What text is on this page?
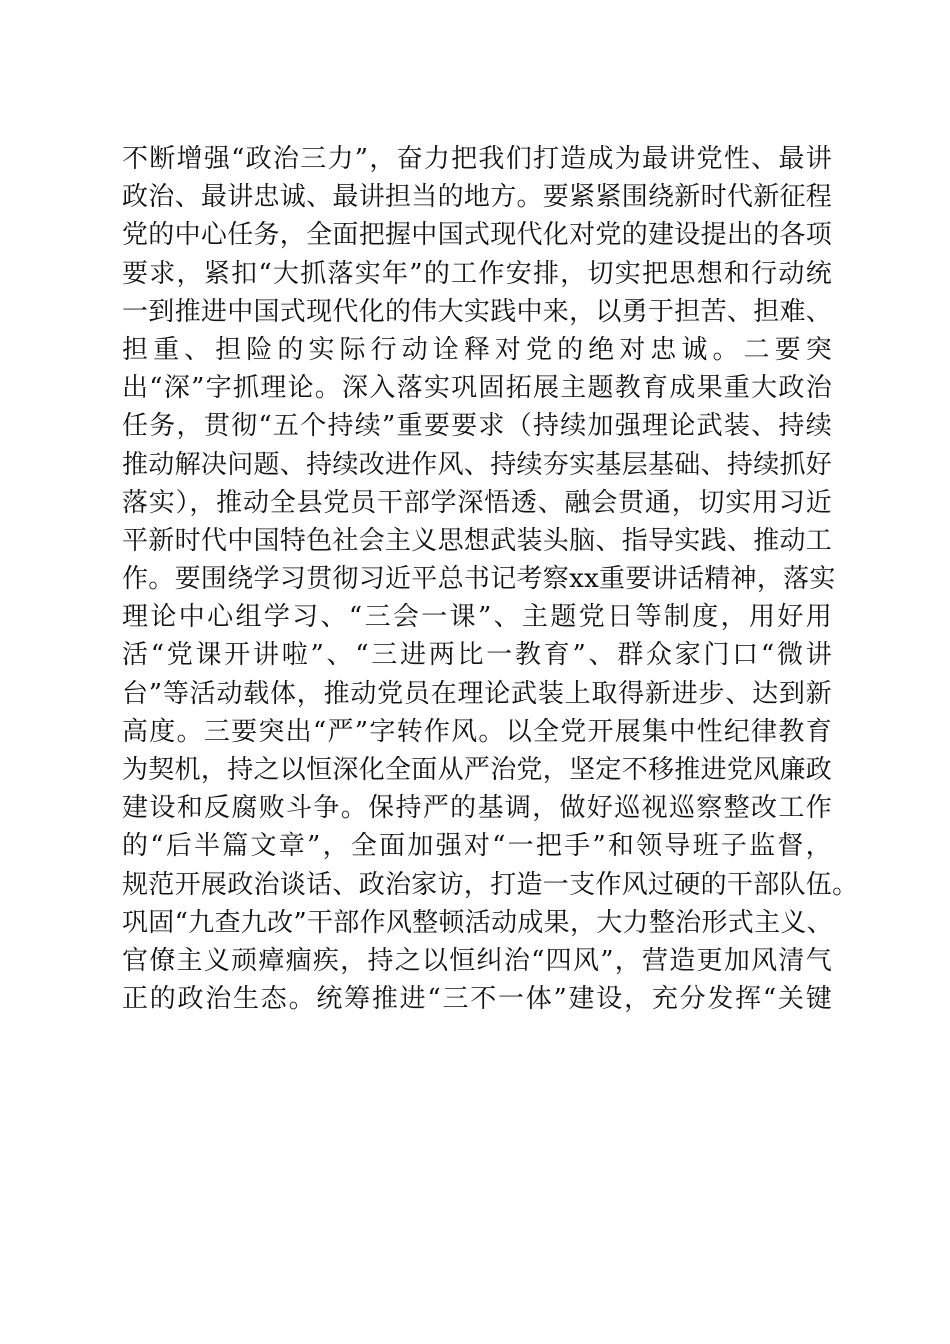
不断增强“政治三力”，奋力把我们打造成为最讲党性、最讲
政治、最讲忠诚、最讲担当的地方。要紧紧围绕新时代新征程
党的中心任务，全面把握中国式现代化对党的建设提出的各项
要求，紧扣“大抓落实年”的工作安排，切实把思想和行动统
一到推进中国式现代化的伟大实践中来，以勇于担苦、担难、
担重、担险的实际行动诠释对党的绝对忠诚。二要突
出“深”字抓理论。深入落实巩固拓展主题教育成果重大政治
任务，贯彻“五个持续”重要要求（持续加强理论武装、持续
推动解决问题、持续改进作风、持续夯实基层基础、持续抓好
落实），推动全县党员干部学深悟透、融会贯通，切实用习近
平新时代中国特色社会主义思想武装头脑、指导实践、推动工
作。要围绕学习贯彻习近平总书记考察xx重要讲话精神，落实
理论中心组学习、“三会一课”、主题党日等制度，用好用
活“党课开讲啦”、“三进两比一教育”、群众家门口“微讲
台”等活动载体，推动党员在理论武装上取得新进步、达到新
高度。三要突出“严”字转作风。以全党开展集中性纪律教育
为契机，持之以恒深化全面从严治党，坚定不移推进党风廉政
建设和反腐败斗争。保持严的基调，做好巡视巡察整改工作
的“后半篇文章”，全面加强对“一把手”和领导班子监督，
规范开展政治谈话、政治家访，打造一支作风过硬的干部队伍。
巩固“九查九改”干部作风整顿活动成果，大力整治形式主义、
官僚主义顽瘴痼疾，持之以恒纠治“四风”，营造更加风清气
正的政治生态。统筹推进“三不一体”建设，充分发挥“关键
